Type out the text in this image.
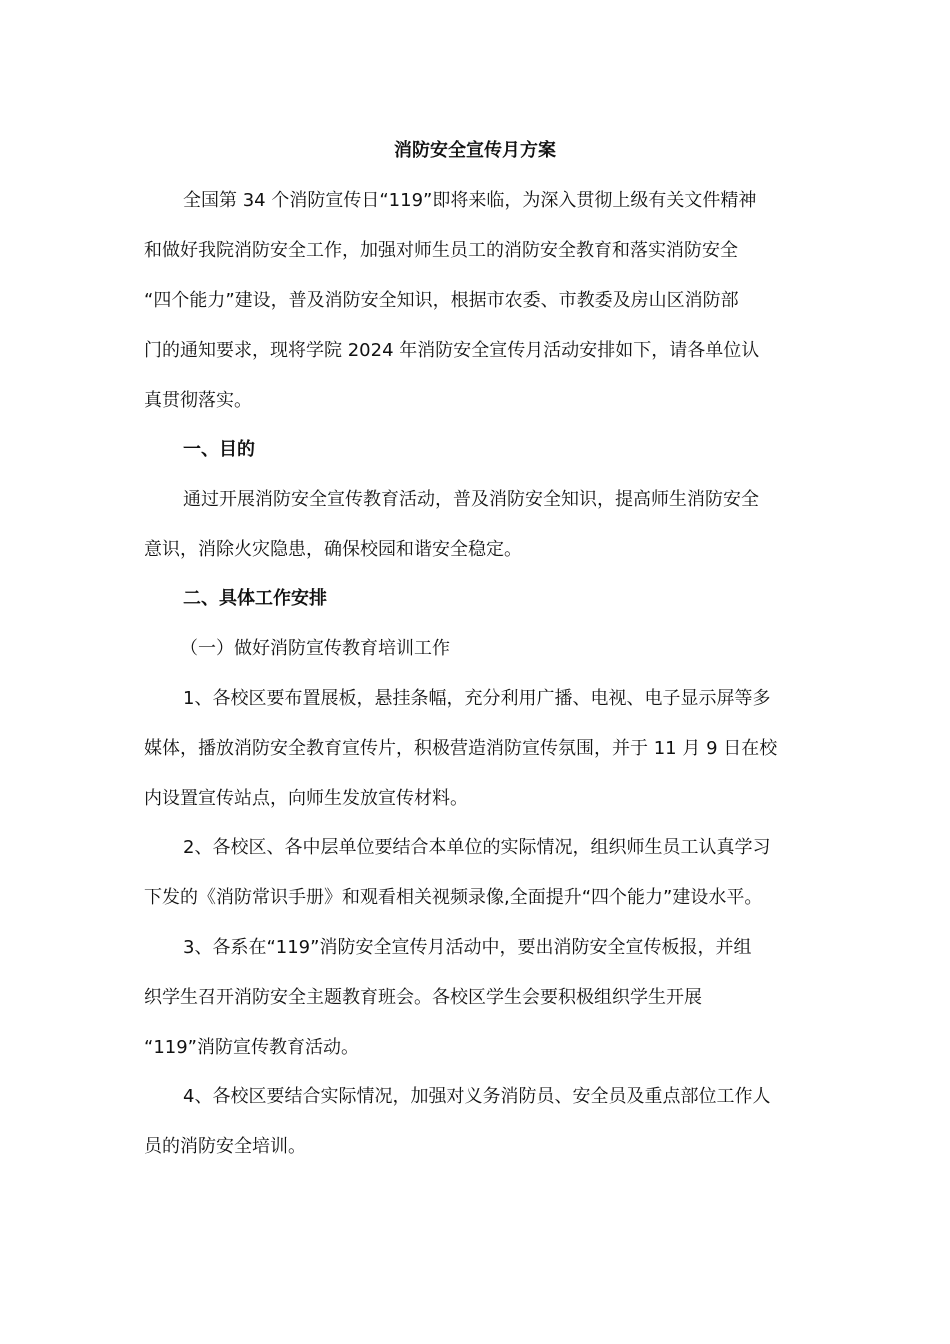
消防安全宣传月方案
全国第 34 个消防宣传日“119”即将来临，为深入贯彻上级有关文件精神
和做好我院消防安全工作，加强对师生员工的消防安全教育和落实消防安全
“四个能力”建设，普及消防安全知识，根据市农委、市教委及房山区消防部
门的通知要求，现将学院 2024 年消防安全宣传月活动安排如下，请各单位认
真贯彻落实。
一、目的
通过开展消防安全宣传教育活动，普及消防安全知识，提高师生消防安全
意识，消除火灾隐患，确保校园和谐安全稳定。
二、具体工作安排
（一）做好消防宣传教育培训工作
1、各校区要布置展板，悬挂条幅，充分利用广播、电视、电子显示屏等多
媒体，播放消防安全教育宣传片，积极营造消防宣传氛围，并于 11 月 9 日在校
内设置宣传站点，向师生发放宣传材料。
2、各校区、各中层单位要结合本单位的实际情况，组织师生员工认真学习
下发的《消防常识手册》和观看相关视频录像,全面提升“四个能力”建设水平。
3、各系在“119”消防安全宣传月活动中，要出消防安全宣传板报，并组
织学生召开消防安全主题教育班会。各校区学生会要积极组织学生开展
“119”消防宣传教育活动。
4、各校区要结合实际情况，加强对义务消防员、安全员及重点部位工作人
员的消防安全培训。
